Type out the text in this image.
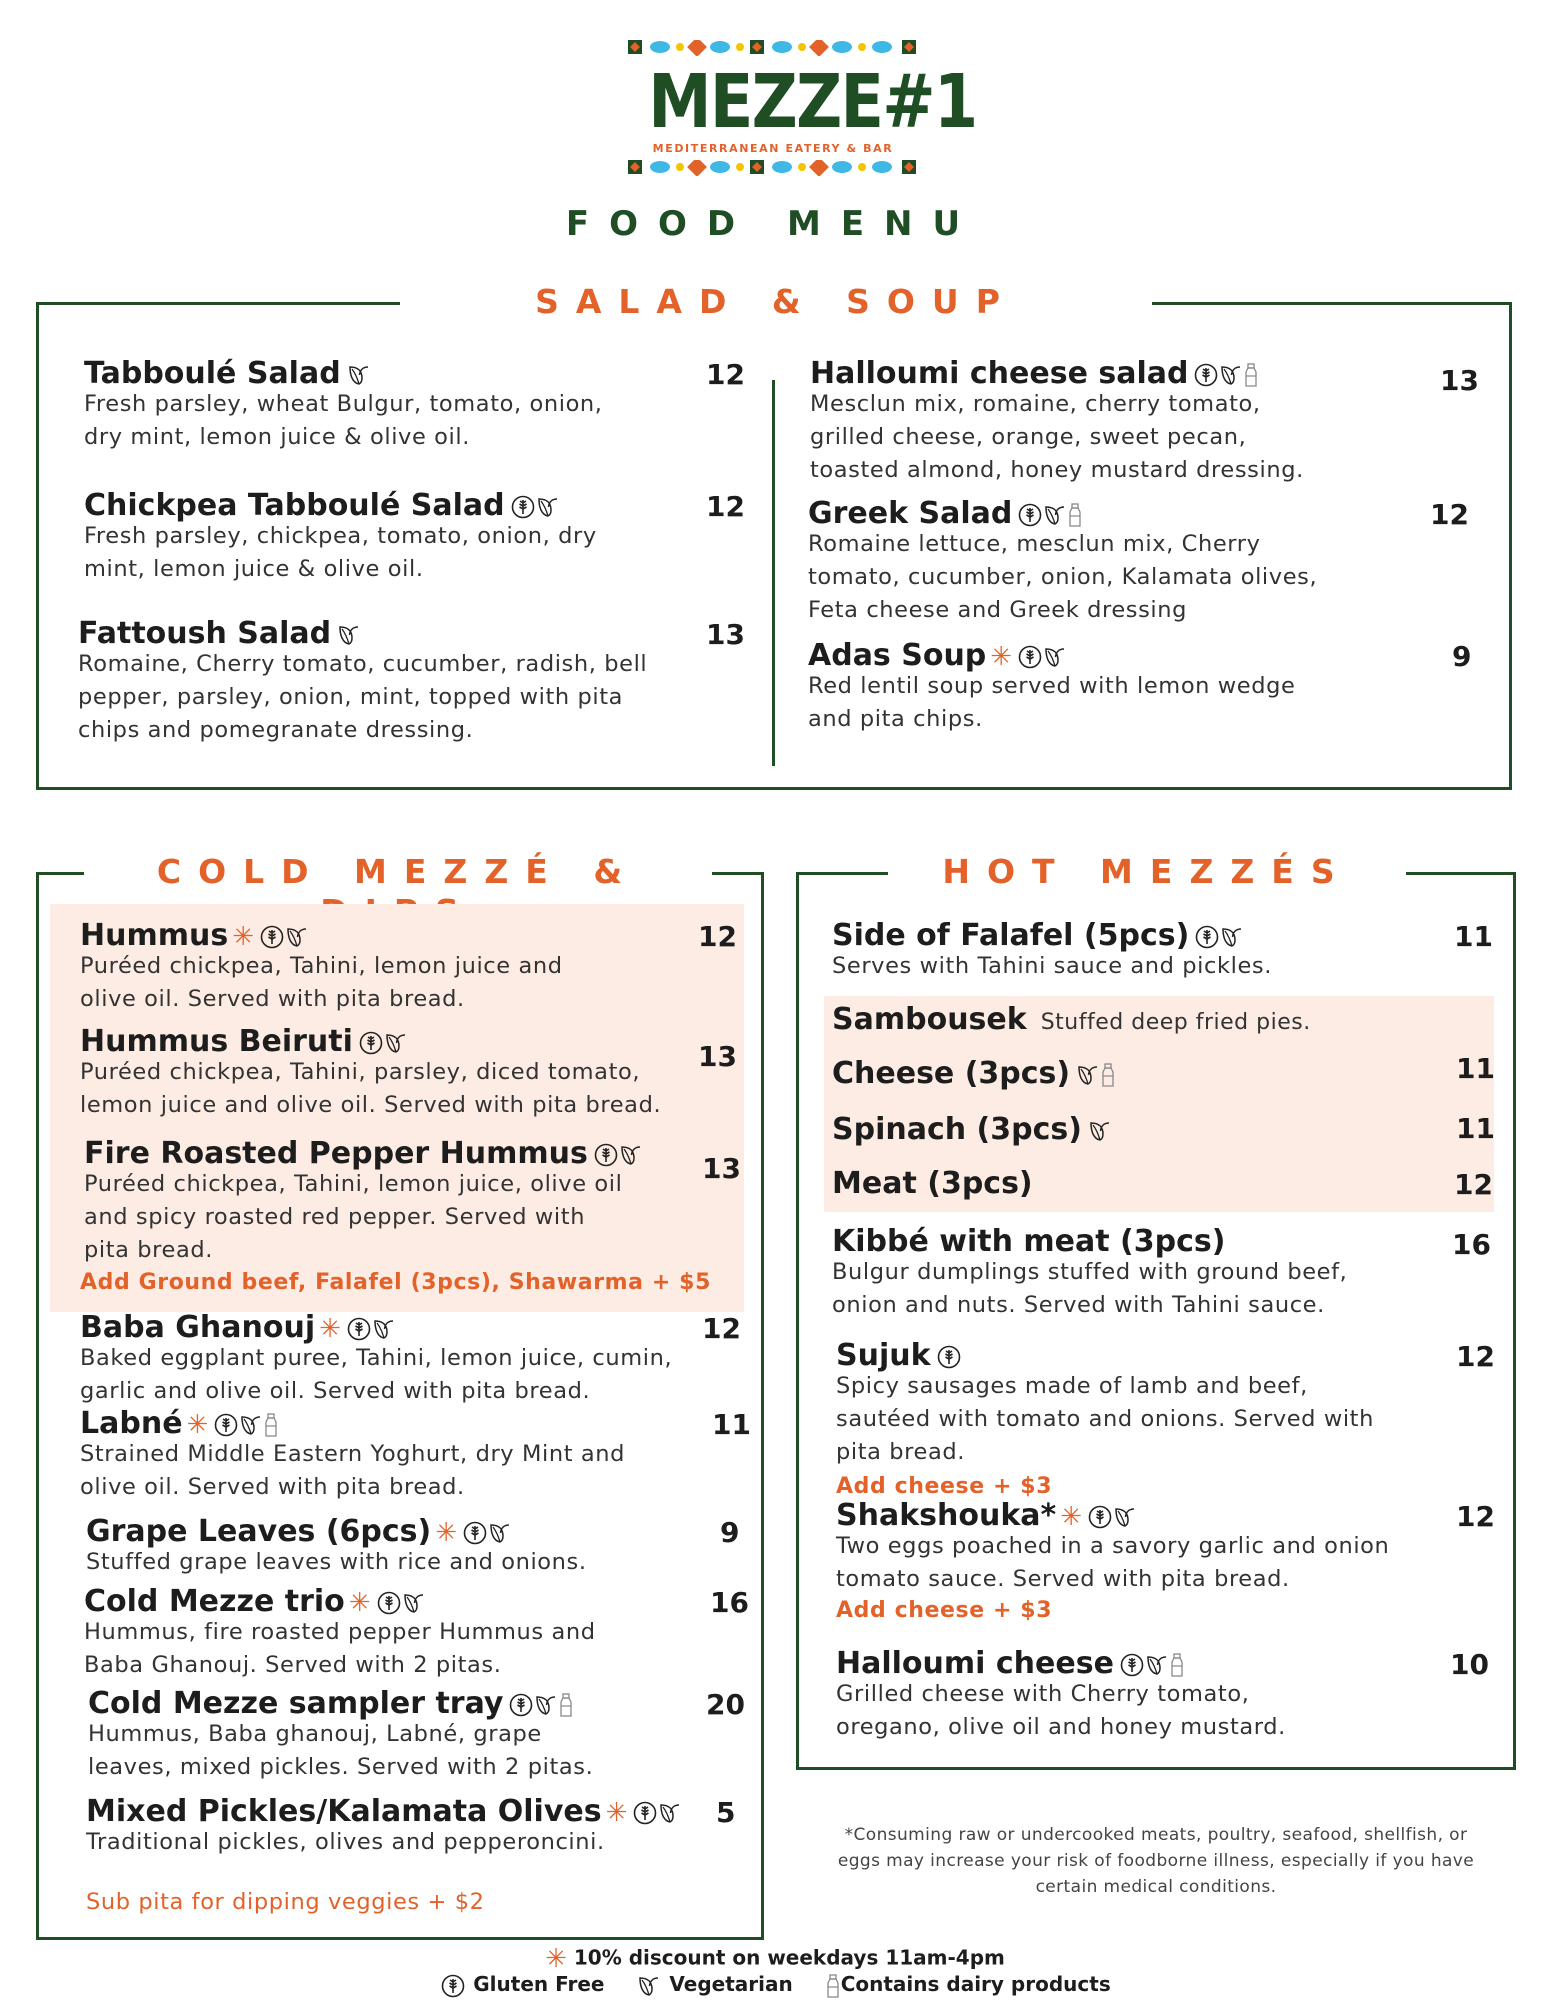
MEZZE#1
MEDITERRANEAN EATERY & BAR
FOOD MENU
SALAD & SOUP
Tabboulé Salad	12
Fresh parsley, wheat Bulgur, tomato, onion,
dry mint, lemon juice & olive oil.
Chickpea Tabboulé Salad	12
Fresh parsley, chickpea, tomato, onion, dry
mint, lemon juice & olive oil.
Fattoush Salad	13
Romaine, Cherry tomato, cucumber, radish, bell
pepper, parsley, onion, mint, topped with pita
chips and pomegranate dressing.
Halloumi cheese salad	13
Mesclun mix, romaine, cherry tomato,
grilled cheese, orange, sweet pecan,
toasted almond, honey mustard dressing.
Greek Salad	12
Romaine lettuce, mesclun mix, Cherry
tomato, cucumber, onion, Kalamata olives,
Feta cheese and Greek dressing
Adas Soup ✳	9
Red lentil soup served with lemon wedge
and pita chips.
COLD MEZZÉ &
Hummus ✳	12
Puréed chickpea, Tahini, lemon juice and
olive oil. Served with pita bread.
Hummus Beiruti	13
Puréed chickpea, Tahini, parsley, diced tomato,
lemon juice and olive oil. Served with pita bread.
Fire Roasted Pepper Hummus	13
Puréed chickpea, Tahini, lemon juice, olive oil
and spicy roasted red pepper. Served with
pita bread.
Baba Ghanouj ✳	12
Baked eggplant puree, Tahini, lemon juice, cumin,
garlic and olive oil. Served with pita bread.
Labné ✳	11
Strained Middle Eastern Yoghurt, dry Mint and
olive oil. Served with pita bread.
Grape Leaves (6pcs) ✳	9
Stuffed grape leaves with rice and onions.
Cold Mezze trio ✳	16
Hummus, fire roasted pepper Hummus and
Baba Ghanouj. Served with 2 pitas.
Cold Mezze sampler tray	20
Hummus, Baba ghanouj, Labné, grape
leaves, mixed pickles. Served with 2 pitas.
Mixed Pickles/Kalamata Olives ✳	5
Traditional pickles, olives and pepperoncini.
Add Ground beef, Falafel (3pcs), Shawarma + $5
Sub pita for dipping veggies + $2
HOT MEZZÉS
Side of Falafel (5pcs)	11
Serves with Tahini sauce and pickles.
Sambousek Stuffed deep fried pies.
Cheese (3pcs)	11
Spinach (3pcs)	11
Meat (3pcs)	12
Kibbé with meat (3pcs)	16
Bulgur dumplings stuffed with ground beef,
onion and nuts. Served with Tahini sauce.
Sujuk	12
Spicy sausages made of lamb and beef,
sautéed with tomato and onions. Served with
pita bread.
Add cheese + $3
Shakshouka* ✳	12
Two eggs poached in a savory garlic and onion
tomato sauce. Served with pita bread.
Add cheese + $3
Halloumi cheese	10
Grilled cheese with Cherry tomato,
oregano, olive oil and honey mustard.
*Consuming raw or undercooked meats, poultry, seafood, shellfish, or
eggs may increase your risk of foodborne illness, especially if you have
certain medical conditions.
✳ 10% discount on weekdays 11am-4pm
Gluten Free	Vegetarian Contains dairy products
